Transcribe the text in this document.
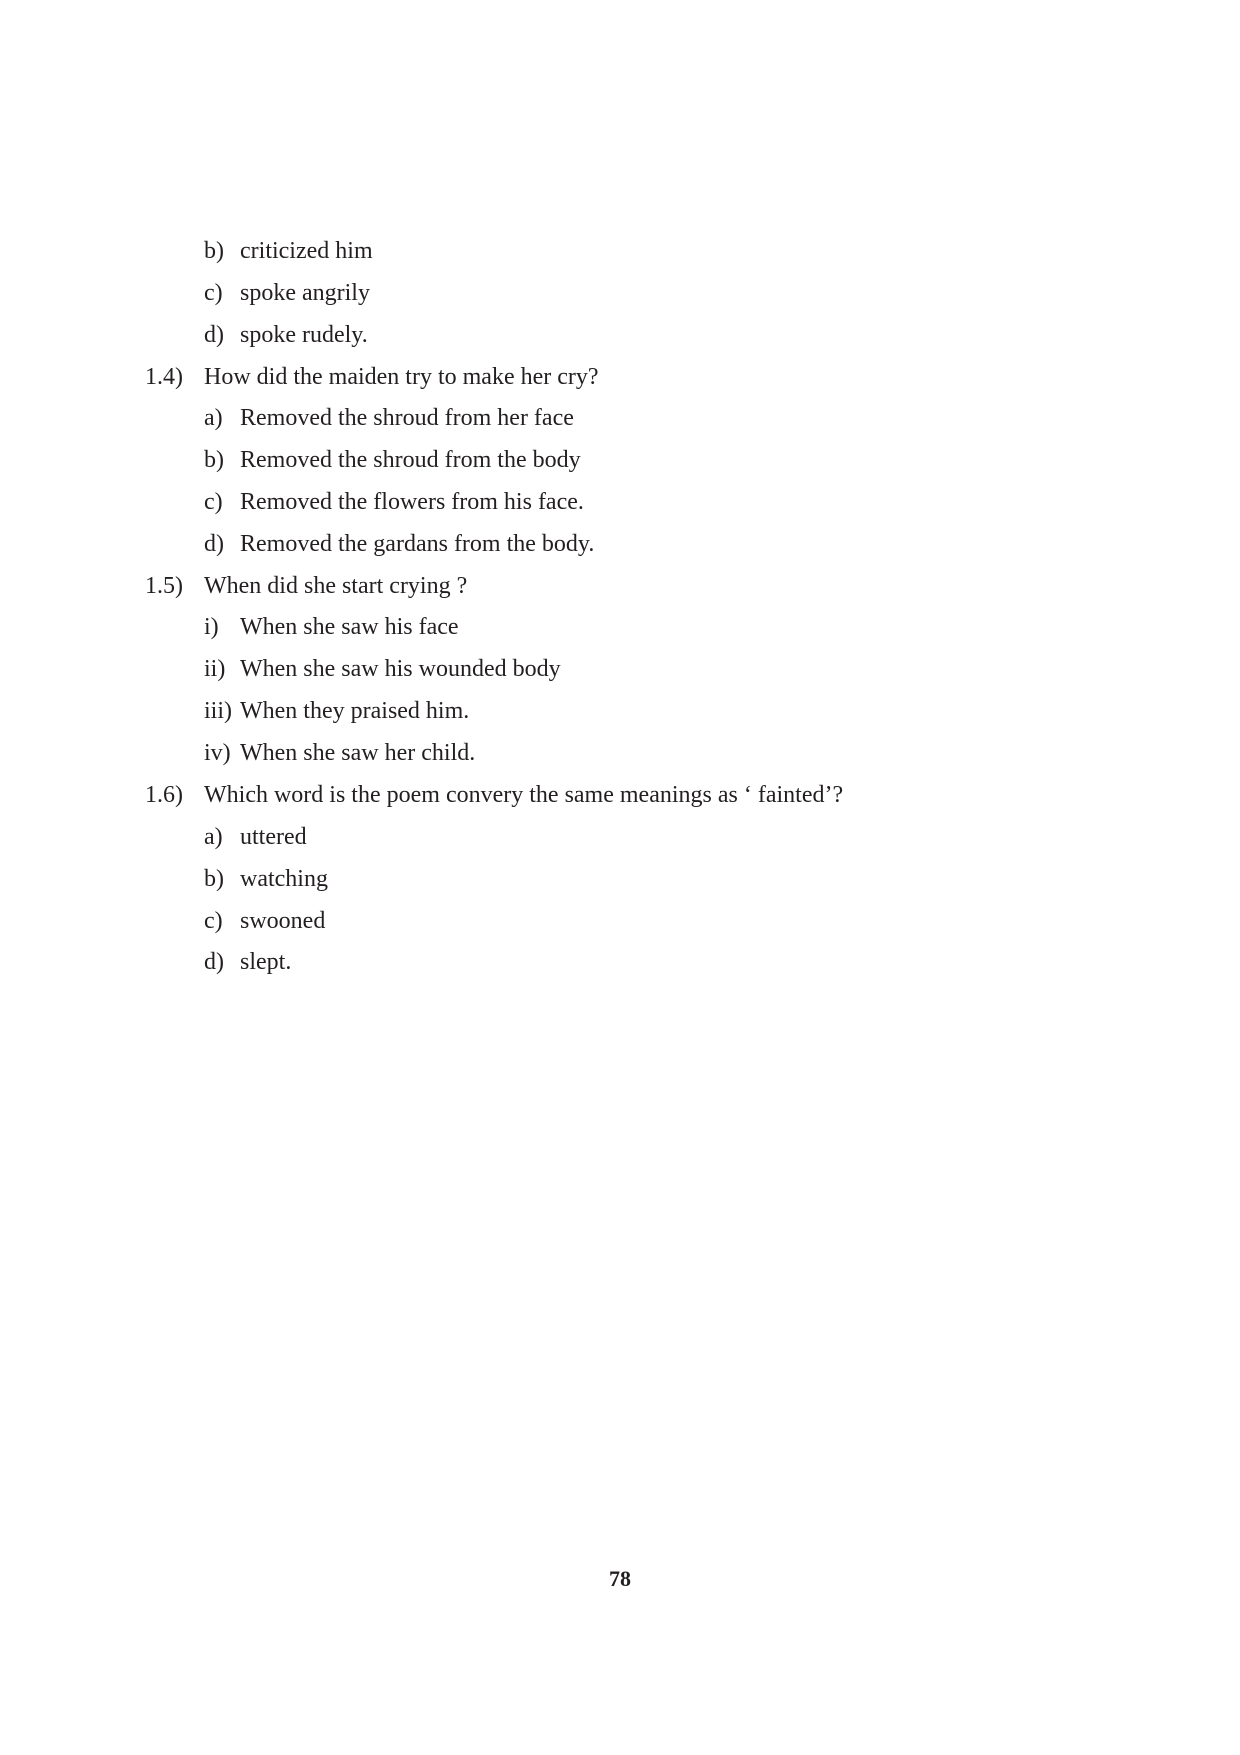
b) criticized him
c) spoke angrily
d) spoke rudely.
1.4) How did the maiden try to make her cry?
a) Removed the shroud from her face
b) Removed the shroud from the body
c) Removed the flowers from his face.
d) Removed the gardans from the body.
1.5) When did she start crying ?
i) When she saw his face
ii) When she saw his wounded body
iii) When they praised him.
iv) When she saw her child.
1.6) Which word is the poem convery the same meanings as ‘ fainted’?
a) uttered
b) watching
c) swooned
d) slept.
78
